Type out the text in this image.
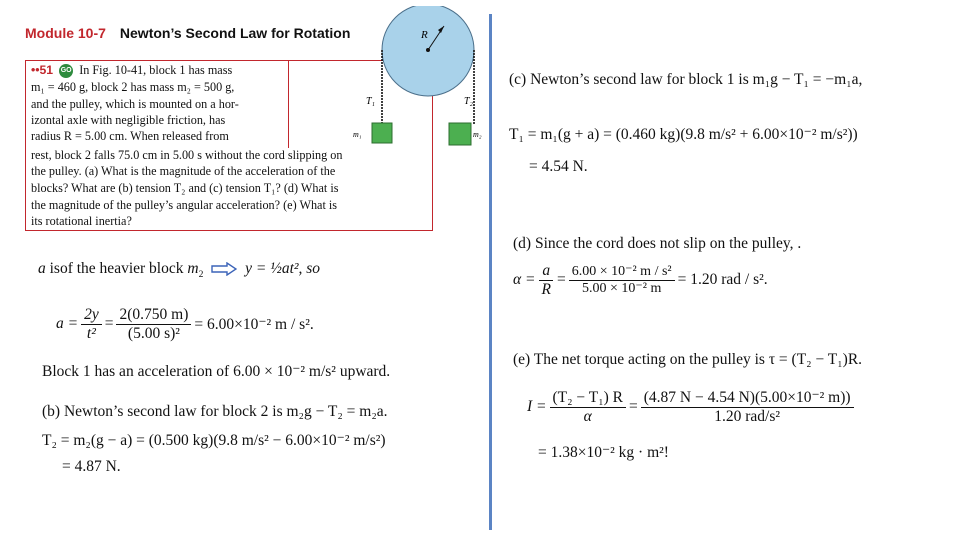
Module 10-7 Newton’s Second Law for Rotation
••51 GO In Fig. 10-41, block 1 has mass
m₁ = 460 g, block 2 has mass m₂ = 500 g,
and the pulley, which is mounted on a hor-
izontal axle with negligible friction, has
radius R = 5.00 cm. When released from
rest, block 2 falls 75.0 cm in 5.00 s without the cord slipping on
the pulley. (a) What is the magnitude of the acceleration of the
blocks? What are (b) tension T₂ and (c) tension T₁? (d) What is
the magnitude of the pulley’s angular acceleration? (e) What is
its rotational inertia?
R
T₁	T₂
m₁	m₂
a isof the heavier block $m_2$	y = ½at², so
$a = \frac{2y}{\text{t²}} = \frac{2(0.750 m)}{\text{(5.00 s)²}} = 6.00\times 10^{-2}$ m / s².
Block 1 has an acceleration of 6.00 × 10⁻² m/s² upward.
(b) Newton’s second law for block 2 is m₂g − T₂ = m₂a.
T₂ = m₂(g − a) = (0.500 kg)(9.8 m/s² − 6.00×10⁻² m/s²)
= 4.87 N.
(c) Newton’s second law for block 1 is m₁g − T₁ = −m₁a,
T₁ = m₁(g + a) = (0.460 kg)(9.8 m/s² + 6.00×10⁻² m/s²))
= 4.54 N.
(d) Since the cord does not slip on the pulley, .
$\alpha = \frac{a}{R} = \frac{\text{6.00 × 10⁻² m / s²}}{\text{5.00 × 10⁻² m}} = 1.20$ rad / s².
(e) The net torque acting on the pulley is τ = (T₂ − T₁)R.
$I = \frac{\text{(T₂ − T₁) R}}{\alpha} = \frac{\text{(4.87 N − 4.54 N)(5.00×10⁻² m))}}{\text{1.20 rad/s²}}$
= 1.38×10⁻² kg · m²!
